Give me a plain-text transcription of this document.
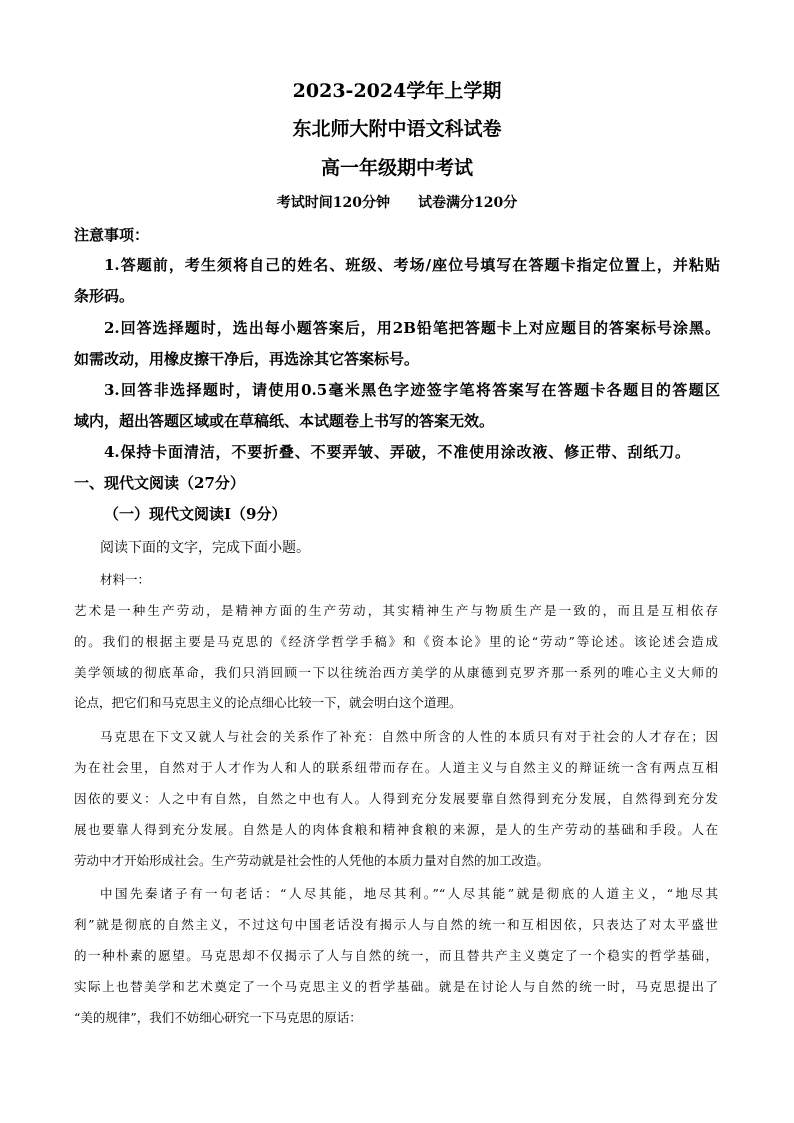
2023-2024学年上学期
东北师大附中语文科试卷
高一年级期中考试
考试时间120分钟　　试卷满分120分
注意事项：
1.答题前，考生须将自己的姓名、班级、考场/座位号填写在答题卡指定位置上，并粘贴
条形码。
2.回答选择题时，选出每小题答案后，用2B铅笔把答题卡上对应题目的答案标号涂黑。
如需改动，用橡皮擦干净后，再选涂其它答案标号。
3.回答非选择题时，请使用0.5毫米黑色字迹签字笔将答案写在答题卡各题目的答题区
域内，超出答题区域或在草稿纸、本试题卷上书写的答案无效。
4.保持卡面清洁，不要折叠、不要弄皱、弄破，不准使用涂改液、修正带、刮纸刀。
一、现代文阅读（27分）
（一）现代文阅读Ⅰ（9分）
阅读下面的文字，完成下面小题。
材料一：
艺术是一种生产劳动，是精神方面的生产劳动，其实精神生产与物质生产是一致的，而且是互相依存
的。我们的根据主要是马克思的《经济学哲学手稿》和《资本论》里的论“劳动”等论述。该论述会造成
美学领域的彻底革命，我们只消回顾一下以往统治西方美学的从康德到克罗齐那一系列的唯心主义大师的
论点，把它们和马克思主义的论点细心比较一下，就会明白这个道理。
马克思在下文又就人与社会的关系作了补充：自然中所含的人性的本质只有对于社会的人才存在；因
为在社会里，自然对于人才作为人和人的联系纽带而存在。人道主义与自然主义的辩证统一含有两点互相
因依的要义：人之中有自然，自然之中也有人。人得到充分发展要靠自然得到充分发展，自然得到充分发
展也要靠人得到充分发展。自然是人的肉体食粮和精神食粮的来源，是人的生产劳动的基础和手段。人在
劳动中才开始形成社会。生产劳动就是社会性的人凭他的本质力量对自然的加工改造。
中国先秦诸子有一句老话：“人尽其能，地尽其利。”“人尽其能”就是彻底的人道主义，“地尽其
利”就是彻底的自然主义，不过这句中国老话没有揭示人与自然的统一和互相因依，只表达了对太平盛世
的一种朴素的愿望。马克思却不仅揭示了人与自然的统一，而且替共产主义奠定了一个稳实的哲学基础，
实际上也替美学和艺术奠定了一个马克思主义的哲学基础。就是在讨论人与自然的统一时，马克思提出了
“美的规律”，我们不妨细心研究一下马克思的原话：
